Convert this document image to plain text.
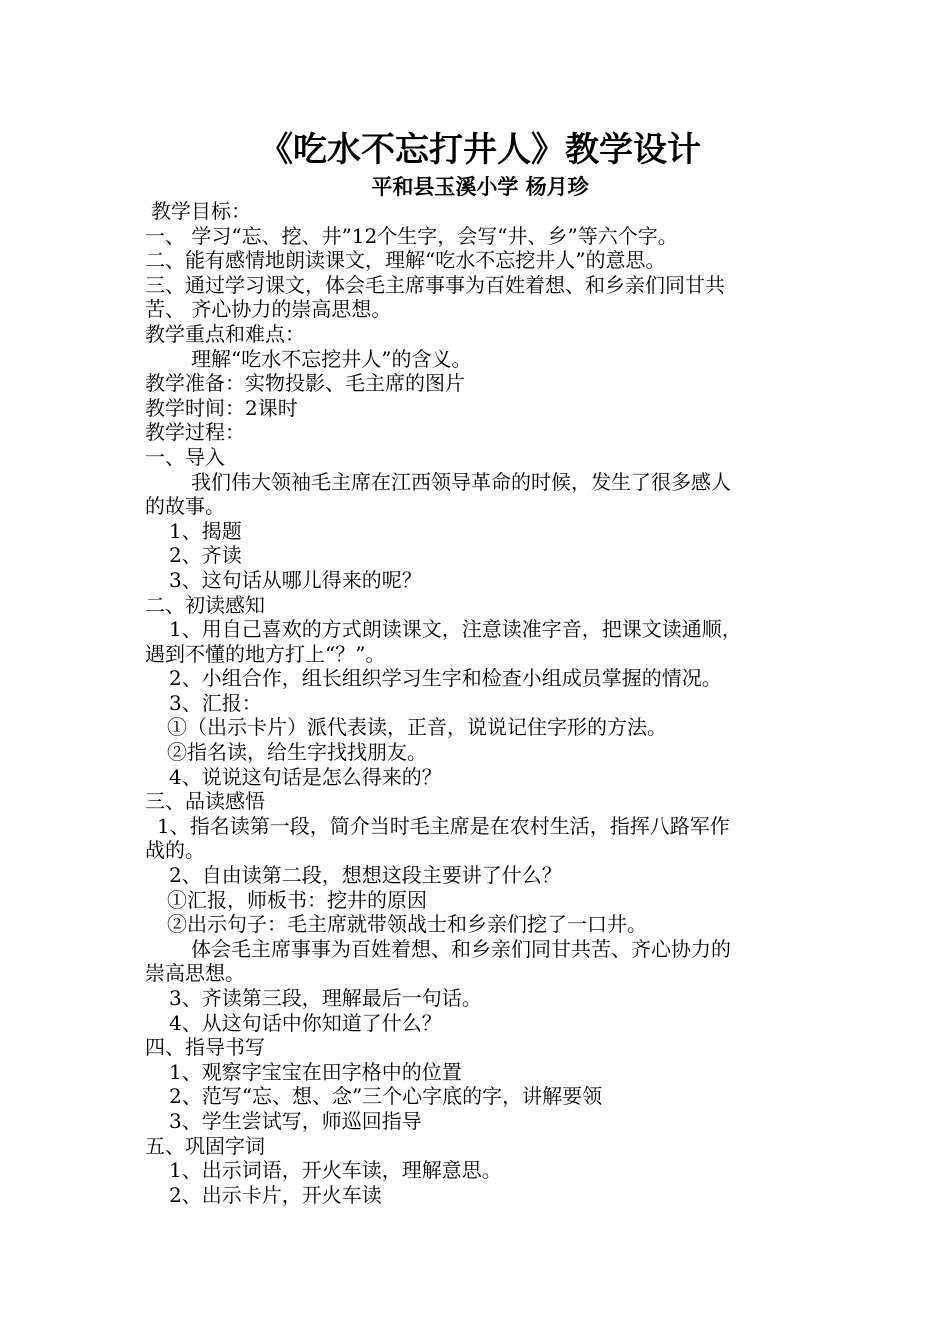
《吃水不忘打井人》教学设计
平和县玉溪小学 杨月珍
教学目标：
一、 学习“忘、挖、井”12个生字，会写“井、乡”等六个字。
二、能有感情地朗读课文，理解“吃水不忘挖井人”的意思。
三、通过学习课文，体会毛主席事事为百姓着想、和乡亲们同甘共
苦、 齐心协力的崇高思想。
教学重点和难点：
理解“吃水不忘挖井人”的含义。
教学准备：实物投影、毛主席的图片
教学时间：2课时
教学过程：
一、导入
我们伟大领袖毛主席在江西领导革命的时候，发生了很多感人
的故事。
1、揭题
2、齐读
3、这句话从哪儿得来的呢？
二、初读感知
1、用自己喜欢的方式朗读课文，注意读准字音，把课文读通顺，
遇到不懂的地方打上“？”。
2、小组合作，组长组织学习生字和检查小组成员掌握的情况。
3、汇报：
①（出示卡片）派代表读，正音，说说记住字形的方法。
②指名读，给生字找找朋友。
4、说说这句话是怎么得来的？
三、品读感悟
1、指名读第一段，简介当时毛主席是在农村生活，指挥八路军作
战的。
2、自由读第二段，想想这段主要讲了什么？
①汇报，师板书：挖井的原因
②出示句子：毛主席就带领战士和乡亲们挖了一口井。
体会毛主席事事为百姓着想、和乡亲们同甘共苦、齐心协力的
崇高思想。
3、齐读第三段，理解最后一句话。
4、从这句话中你知道了什么？
四、指导书写
1、观察字宝宝在田字格中的位置
2、范写“忘、想、念”三个心字底的字，讲解要领
3、学生尝试写，师巡回指导
五、巩固字词
1、出示词语，开火车读，理解意思。
2、出示卡片，开火车读
